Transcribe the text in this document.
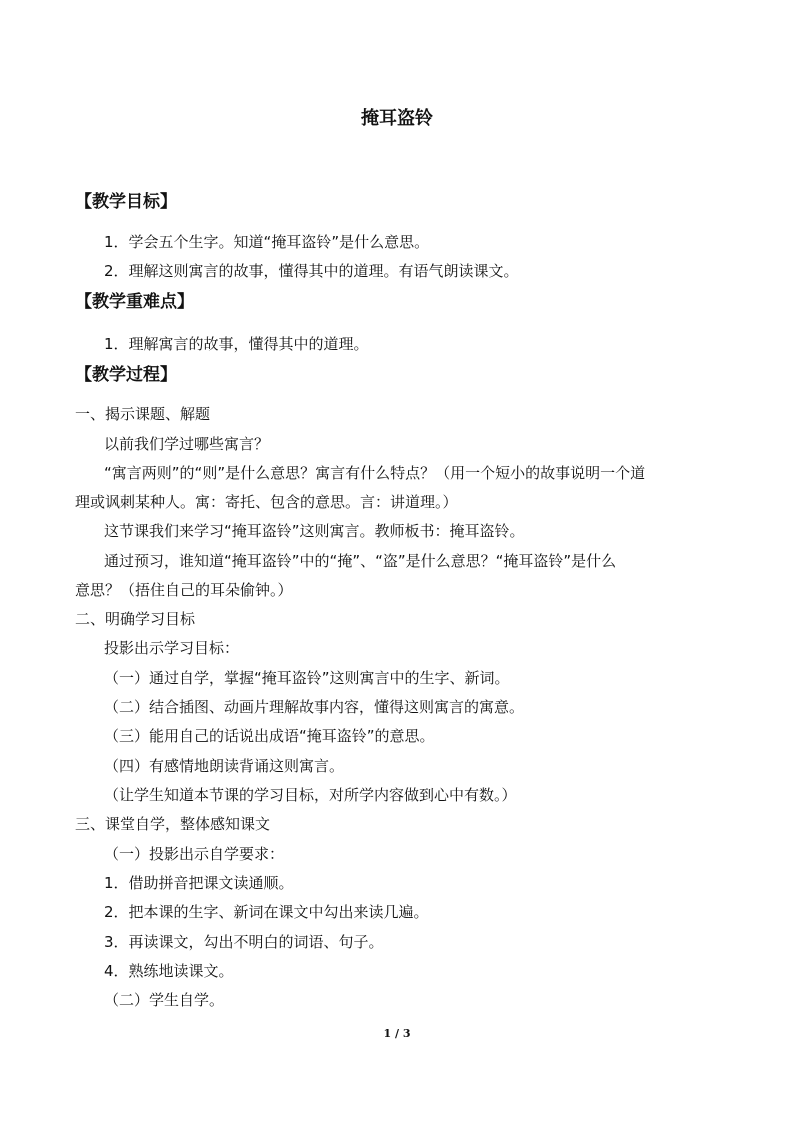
掩耳盗铃
【教学目标】
1．学会五个生字。知道“掩耳盗铃”是什么意思。
2．理解这则寓言的故事，懂得其中的道理。有语气朗读课文。
【教学重难点】
1．理解寓言的故事，懂得其中的道理。
【教学过程】
一、揭示课题、解题
以前我们学过哪些寓言？
“寓言两则”的“则”是什么意思？寓言有什么特点？（用一个短小的故事说明一个道
理或讽刺某种人。寓：寄托、包含的意思。言：讲道理。）
这节课我们来学习“掩耳盗铃”这则寓言。教师板书：掩耳盗铃。
通过预习，谁知道“掩耳盗铃”中的“掩”、“盗”是什么意思？“掩耳盗铃”是什么
意思？（捂住自己的耳朵偷钟。）
二、明确学习目标
投影出示学习目标：
（一）通过自学，掌握“掩耳盗铃”这则寓言中的生字、新词。
（二）结合插图、动画片理解故事内容，懂得这则寓言的寓意。
（三）能用自己的话说出成语“掩耳盗铃”的意思。
（四）有感情地朗读背诵这则寓言。
（让学生知道本节课的学习目标，对所学内容做到心中有数。）
三、课堂自学，整体感知课文
（一）投影出示自学要求：
1．借助拼音把课文读通顺。
2．把本课的生字、新词在课文中勾出来读几遍。
3．再读课文，勾出不明白的词语、句子。
4．熟练地读课文。
（二）学生自学。
1 / 3
